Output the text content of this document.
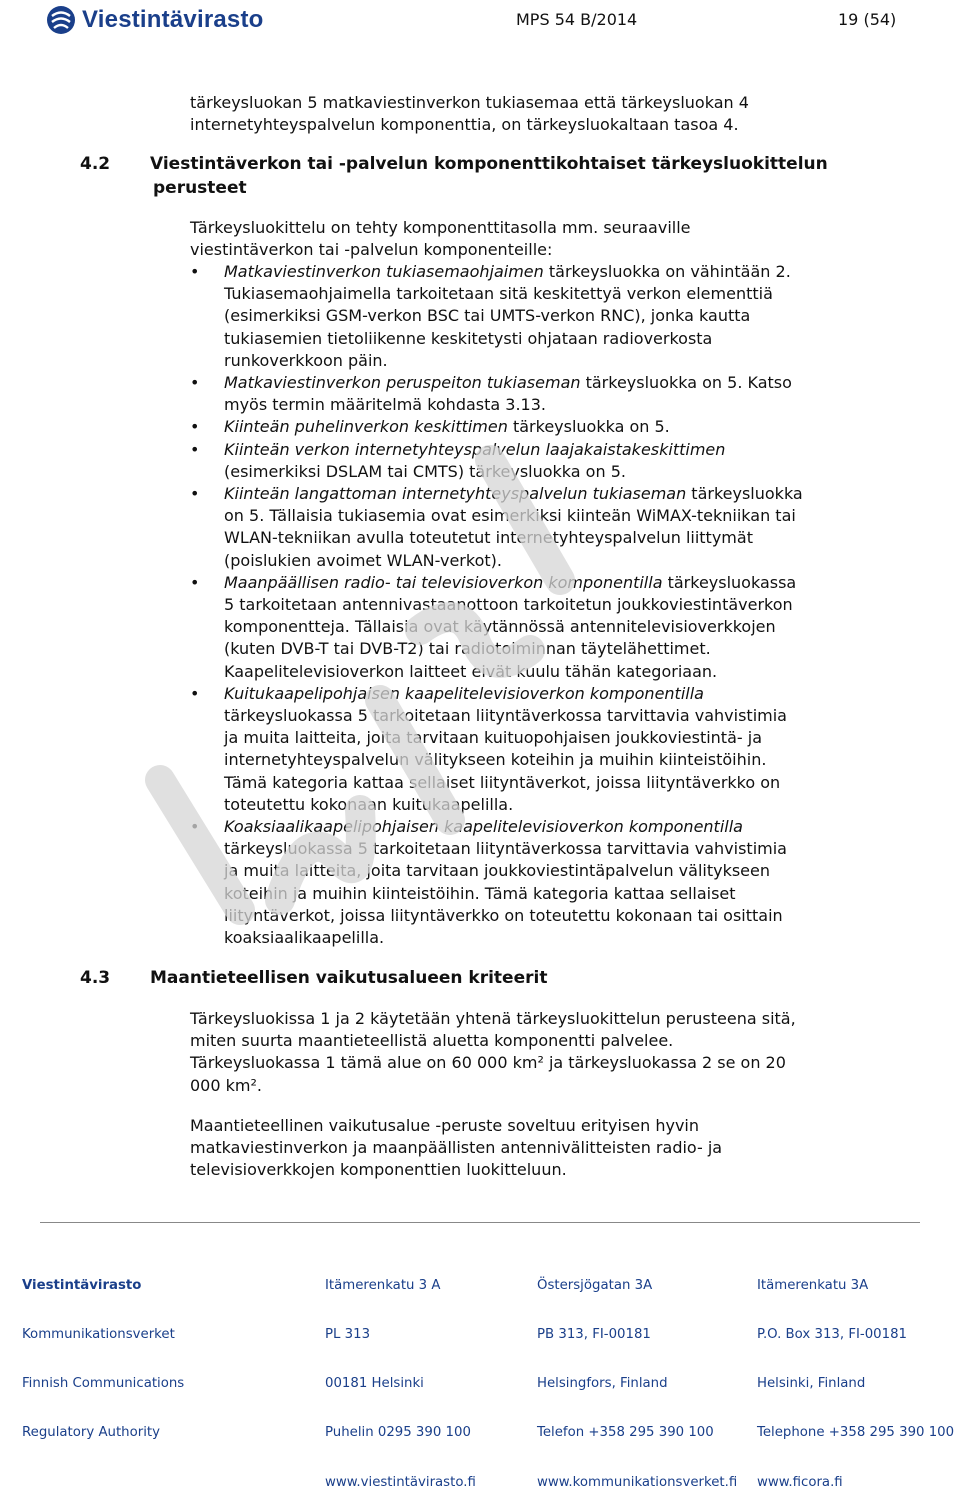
Viestintävirasto	MPS 54 B/2014	19 (54)
tärkeysluokan 5 matkaviestinverkon tukiasemaa että tärkeysluokan 4
internetyhteyspalvelun komponenttia, on tärkeysluokaltaan tasoa 4.
4.2 Viestintäverkon tai -palvelun komponenttikohtaiset tärkeysluokittelun
perusteet
Tärkeysluokittelu on tehty komponenttitasolla mm. seuraaville
viestintäverkon tai -palvelun komponenteille:
• Matkaviestinverkon tukiasemaohjaimen tärkeysluokka on vähintään 2.
Tukiasemaohjaimella tarkoitetaan sitä keskitettyä verkon elementtiä
(esimerkiksi GSM-verkon BSC tai UMTS-verkon RNC), jonka kautta
tukiasemien tietoliikenne keskitetysti ohjataan radioverkosta
runkoverkkoon päin.
• Matkaviestinverkon peruspeiton tukiaseman tärkeysluokka on 5. Katso
myös termin määritelmä kohdasta 3.13.
• Kiinteän puhelinverkon keskittimen tärkeysluokka on 5.
• Kiinteän verkon internetyhteyspalvelun laajakaistakeskittimen
(esimerkiksi DSLAM tai CMTS) tärkeysluokka on 5.
• Kiinteän langattoman internetyhteyspalvelun tukiaseman tärkeysluokka
on 5. Tällaisia tukiasemia ovat esimerkiksi kiinteän WiMAX-tekniikan tai
WLAN-tekniikan avulla toteutetut internetyhteyspalvelun liittymät
(poislukien avoimet WLAN-verkot).
• Maanpäällisen radio- tai televisioverkon komponentilla tärkeysluokassa
5 tarkoitetaan antennivastaanottoon tarkoitetun joukkoviestintäverkon
komponentteja. Tällaisia ovat käytännössä antennitelevisioverkkojen
(kuten DVB-T tai DVB-T2) tai radiotoiminnan täytelähettimet.
Kaapelitelevisioverkon laitteet eivät kuulu tähän kategoriaan.
• Kuitukaapelipohjaisen kaapelitelevisioverkon komponentilla
tärkeysluokassa 5 tarkoitetaan liityntäverkossa tarvittavia vahvistimia
ja muita laitteita, joita tarvitaan kuituopohjaisen joukkoviestintä- ja
internetyhteyspalvelun välitykseen koteihin ja muihin kiinteistöihin.
Tämä kategoria kattaa sellaiset liityntäverkot, joissa liityntäverkko on
toteutettu kokonaan kuitukaapelilla.
• Koaksiaalikaapelipohjaisen kaapelitelevisioverkon komponentilla
tärkeysluokassa 5 tarkoitetaan liityntäverkossa tarvittavia vahvistimia
ja muita laitteita, joita tarvitaan joukkoviestintäpalvelun välitykseen
koteihin ja muihin kiinteistöihin. Tämä kategoria kattaa sellaiset
liityntäverkot, joissa liityntäverkko on toteutettu kokonaan tai osittain
koaksiaalikaapelilla.
4.3 Maantieteellisen vaikutusalueen kriteerit
Tärkeysluokissa 1 ja 2 käytetään yhtenä tärkeysluokittelun perusteena sitä,
miten suurta maantieteellistä aluetta komponentti palvelee.
Tärkeysluokassa 1 tämä alue on 60 000 km² ja tärkeysluokassa 2 se on 20
000 km².
Maantieteellinen vaikutusalue -peruste soveltuu erityisen hyvin
matkaviestinverkon ja maanpäällisten antennivälitteisten radio- ja
televisioverkkojen komponenttien luokitteluun.

Viestintävirasto

Kommunikationsverket

Finnish Communications

Regulatory Authority

Itämerenkatu 3 A

PL 313

00181 Helsinki

Puhelin 0295 390 100

www.viestintävirasto.fi

Östersjögatan 3A

PB 313, FI-00181

Helsingfors, Finland

Telefon +358 295 390 100

www.kommunikationsverket.fi

Itämerenkatu 3A

P.O. Box 313, FI-00181

Helsinki, Finland

Telephone +358 295 390 100

www.ficora.fi
